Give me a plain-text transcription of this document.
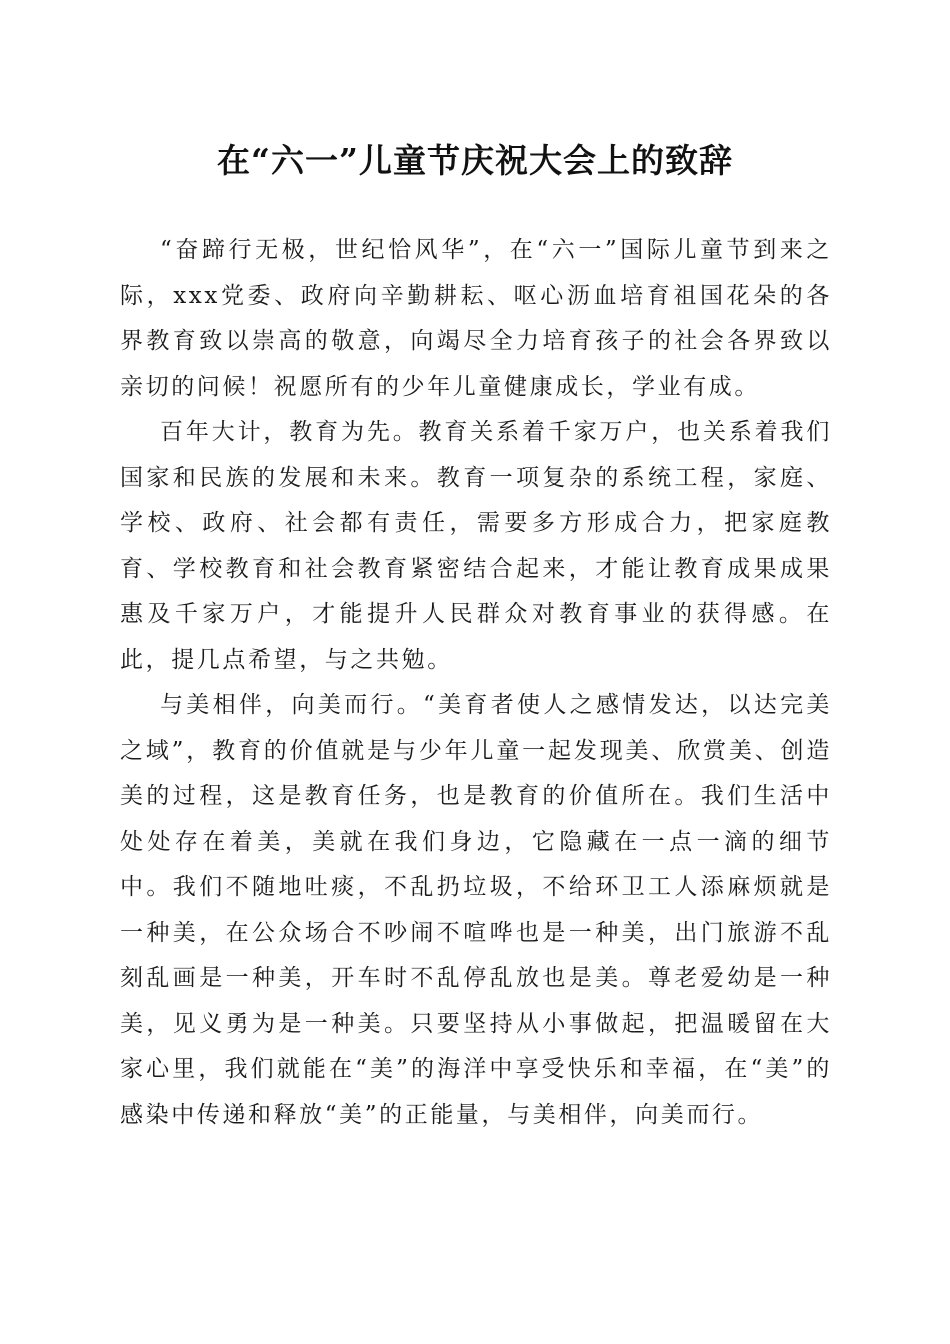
在“六一”儿童节庆祝大会上的致辞

“奋蹄行无极，世纪恰风华”，在“六一”国际儿童节到来之际，xxx党委、政府向辛勤耕耘、呕心沥血培育祖国花朵的各界教育致以崇高的敬意，向竭尽全力培育孩子的社会各界致以亲切的问候！祝愿所有的少年儿童健康成长，学业有成。

百年大计，教育为先。教育关系着千家万户，也关系着我们国家和民族的发展和未来。教育一项复杂的系统工程，家庭、学校、政府、社会都有责任，需要多方形成合力，把家庭教育、学校教育和社会教育紧密结合起来，才能让教育成果成果惠及千家万户，才能提升人民群众对教育事业的获得感。在此，提几点希望，与之共勉。

与美相伴，向美而行。“美育者使人之感情发达，以达完美之域”，教育的价值就是与少年儿童一起发现美、欣赏美、创造美的过程，这是教育任务，也是教育的价值所在。我们生活中处处存在着美，美就在我们身边，它隐藏在一点一滴的细节中。我们不随地吐痰，不乱扔垃圾，不给环卫工人添麻烦就是一种美，在公众场合不吵闹不喧哗也是一种美，出门旅游不乱刻乱画是一种美，开车时不乱停乱放也是美。尊老爱幼是一种美，见义勇为是一种美。只要坚持从小事做起，把温暖留在大家心里，我们就能在“美”的海洋中享受快乐和幸福，在“美”的感染中传递和释放“美”的正能量，与美相伴，向美而行。
